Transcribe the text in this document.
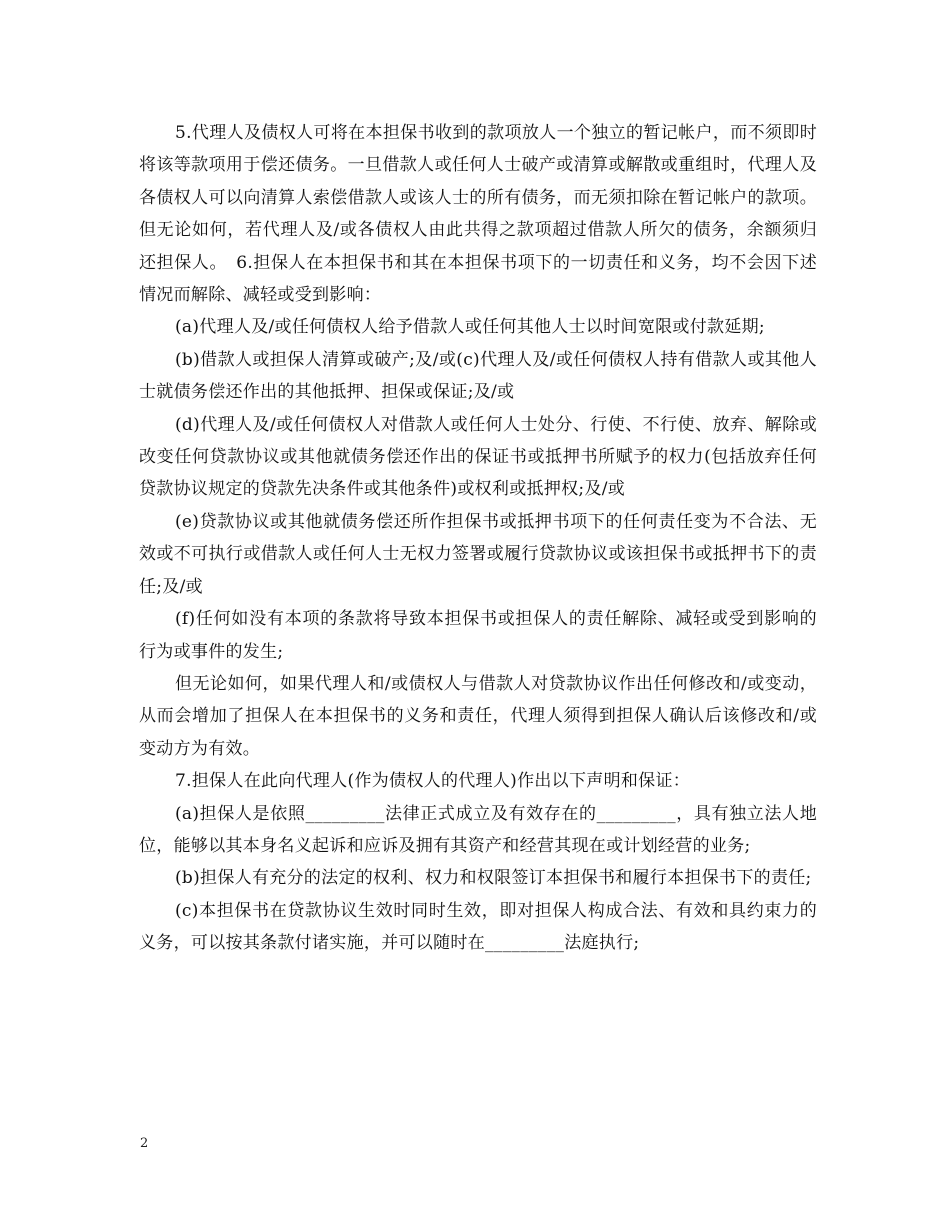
5.代理人及债权人可将在本担保书收到的款项放人一个独立的暂记帐户，而不须即时将该等款项用于偿还债务。一旦借款人或任何人士破产或清算或解散或重组时，代理人及各债权人可以向清算人索偿借款人或该人士的所有债务，而无须扣除在暂记帐户的款项。但无论如何，若代理人及/或各债权人由此共得之款项超过借款人所欠的债务，余额须归还担保人。　6.担保人在本担保书和其在本担保书项下的一切责任和义务，均不会因下述情况而解除、减轻或受到影响：

(a)代理人及/或任何债权人给予借款人或任何其他人士以时间宽限或付款延期;

(b)借款人或担保人清算或破产;及/或(c)代理人及/或任何债权人持有借款人或其他人士就债务偿还作出的其他抵押、担保或保证;及/或

(d)代理人及/或任何债权人对借款人或任何人士处分、行使、不行使、放弃、解除或改变任何贷款协议或其他就债务偿还作出的保证书或抵押书所赋予的权力(包括放弃任何贷款协议规定的贷款先决条件或其他条件)或权利或抵押权;及/或

(e)贷款协议或其他就债务偿还所作担保书或抵押书项下的任何责任变为不合法、无效或不可执行或借款人或任何人士无权力签署或履行贷款协议或该担保书或抵押书下的责任;及/或

(f)任何如没有本项的条款将导致本担保书或担保人的责任解除、减轻或受到影响的行为或事件的发生;

但无论如何，如果代理人和/或债权人与借款人对贷款协议作出任何修改和/或变动，从而会增加了担保人在本担保书的义务和责任，代理人须得到担保人确认后该修改和/或变动方为有效。

7.担保人在此向代理人(作为债权人的代理人)作出以下声明和保证：

(a)担保人是依照_________法律正式成立及有效存在的_________，具有独立法人地位，能够以其本身名义起诉和应诉及拥有其资产和经营其现在或计划经营的业务;

(b)担保人有充分的法定的权利、权力和权限签订本担保书和履行本担保书下的责任;

(c)本担保书在贷款协议生效时同时生效，即对担保人构成合法、有效和具约束力的义务，可以按其条款付诸实施，并可以随时在_________法庭执行;

2
